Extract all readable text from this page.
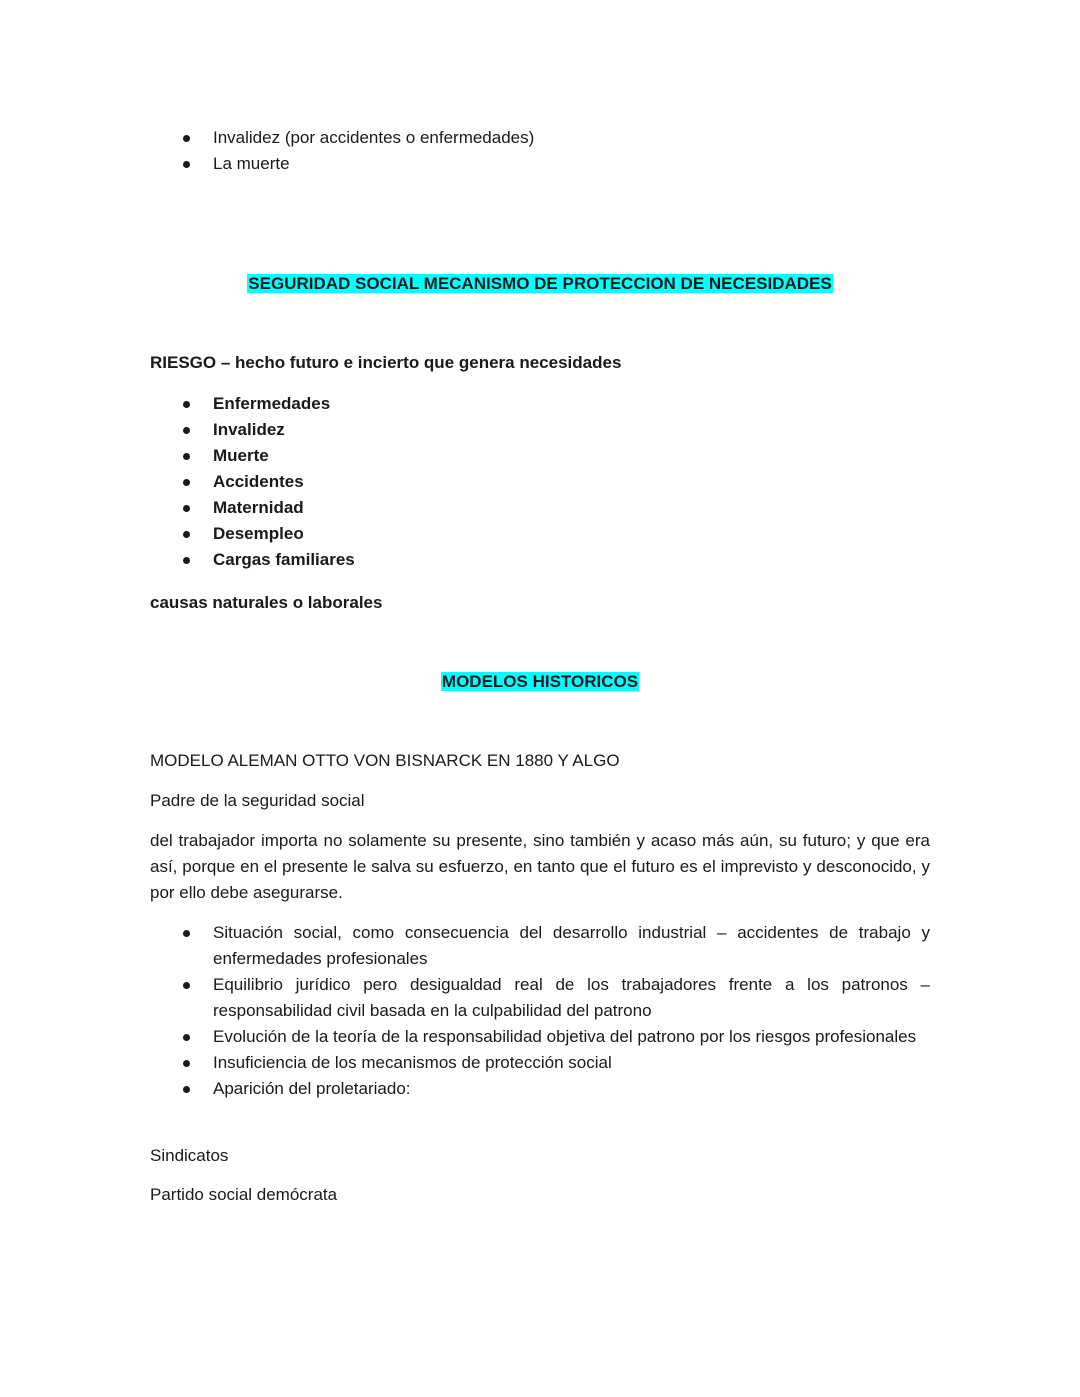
Invalidez (por accidentes o enfermedades)
La muerte
SEGURIDAD SOCIAL MECANISMO DE PROTECCION DE NECESIDADES
RIESGO – hecho futuro e incierto que genera necesidades
Enfermedades
Invalidez
Muerte
Accidentes
Maternidad
Desempleo
Cargas familiares
causas naturales o laborales
MODELOS HISTORICOS
MODELO ALEMAN OTTO VON BISNARCK EN 1880 Y ALGO
Padre de la seguridad social

del trabajador importa no solamente su presente, sino también y acaso más aún, su futuro; y que era así, porque en el presente le salva su esfuerzo, en tanto que el futuro es el imprevisto y desconocido, y por ello debe asegurarse.

Situación social, como consecuencia del desarrollo industrial – accidentes de trabajo y enfermedades profesionales
Equilibrio jurídico pero desigualdad real de los trabajadores frente a los patronos – responsabilidad civil basada en la culpabilidad del patrono
Evolución de la teoría de la responsabilidad objetiva del patrono por los riesgos profesionales
Insuficiencia de los mecanismos de protección social
Aparición del proletariado:
Sindicatos
Partido social demócrata
